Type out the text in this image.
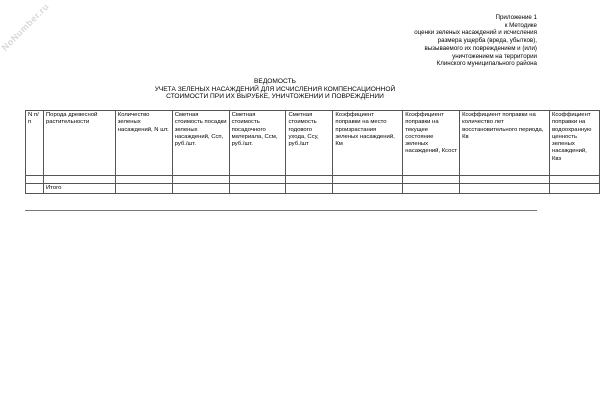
NoNumber.ru	Приложение 1
к Методике
оценки зеленых насаждений и исчисления
размера ущерба (вреда, убытков),
вызываемого их повреждением и (или)
уничтожением на территории
Клинского муниципального района
ВЕДОМОСТЬ
УЧЕТА ЗЕЛЕНЫХ НАСАЖДЕНИЙ ДЛЯ ИСЧИСЛЕНИЯ КОМПЕНСАЦИОННОЙ
СТОИМОСТИ ПРИ ИХ ВЫРУБКЕ, УНИЧТОЖЕНИИ И ПОВРЕЖДЕНИИ
N п/п	Порода древесной растительности	Количество зеленых насаждений, N шт.	Сметная стоимость посадки зеленых насаждений, Ссп, руб./шт.	Сметная стоимость посадочного материала, Ссм, руб./шт.	Сметная стоимость годового ухода, Ссу, руб./шт	Коэффициент поправки на место произрастания зеленых насаждений, Км	Коэффициент поправки на текущее состояние зеленых насаждений, Ксост	Коэффициент поправки на количество лет восстановительного периода, Кв	Коэффициент поправки на водоохранную ценность зеленых насаждений, Квз

	Итого								
